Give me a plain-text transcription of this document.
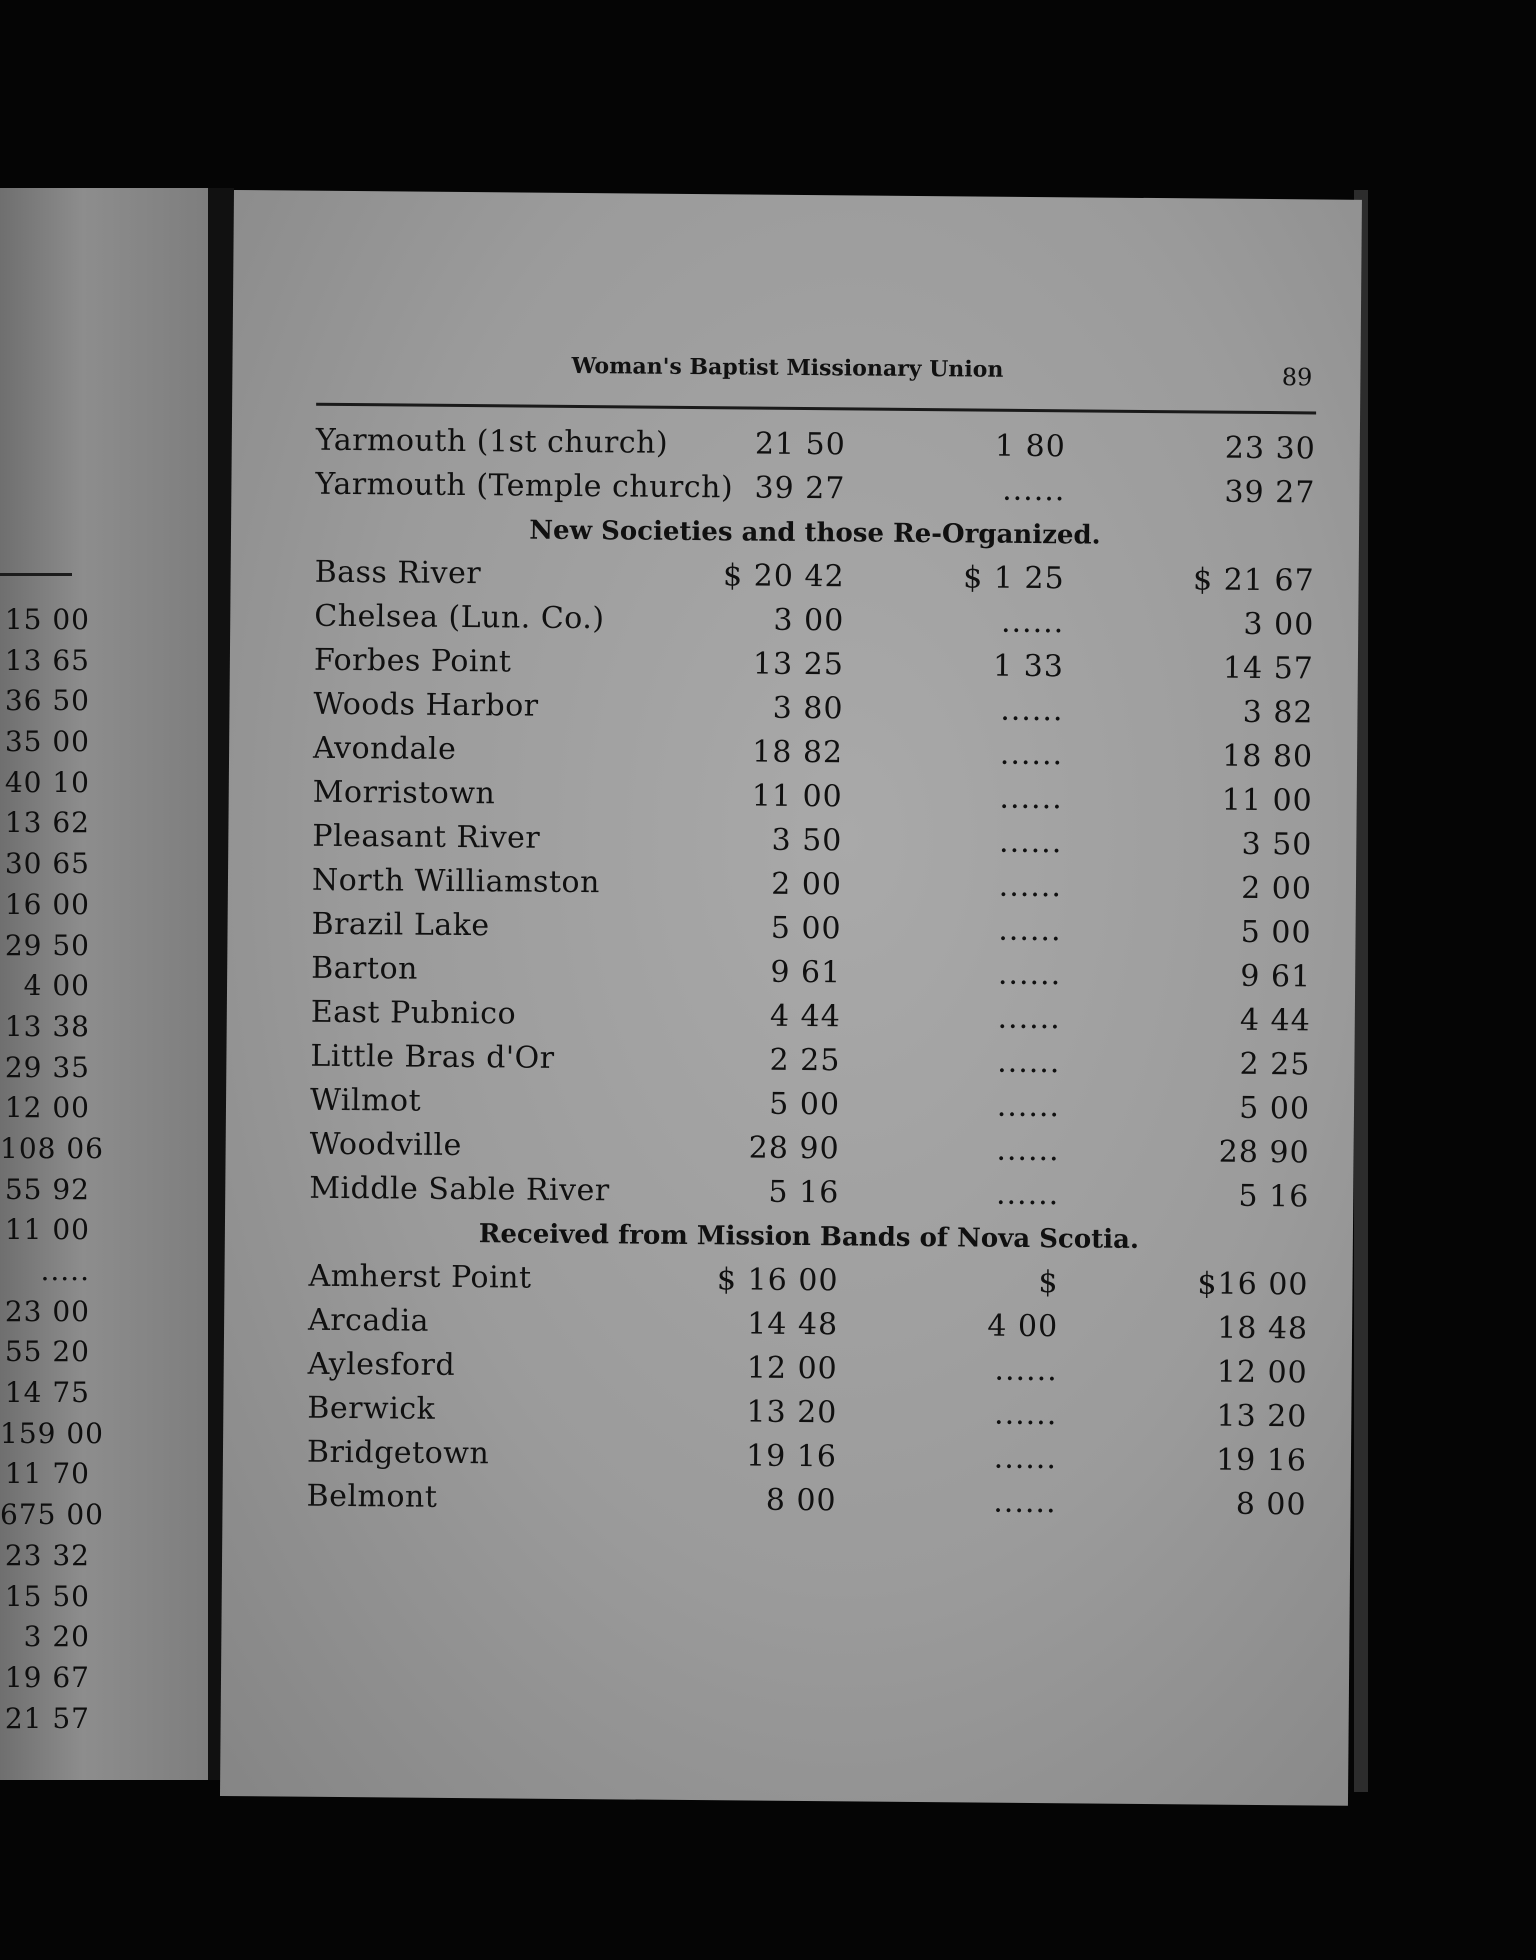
15 00
13 65
36 50
35 00
40 10
13 62
30 65
16 00
29 50
4 00
13 38
29 35
12 00
108 06
55 92
11 00
.....
23 00
55 20
14 75
159 00
11 70
675 00
23 32
15 50
3 20
19 67
21 57
Woman's Baptist Missionary Union	89
Yarmouth (1st church)	21 50	1 80	23 30
Yarmouth (Temple church) 39 27	......	39 27
New Societies and those Re-Organized.
Bass River	$ 20 42	$ 1 25	$ 21 67
Chelsea (Lun. Co.)	3 00	......	3 00
Forbes Point	13 25	1 33	14 57
Woods Harbor	3 80	......	3 82
Avondale	18 82	......	18 80
Morristown	11 00	......	11 00
Pleasant River	3 50	......	3 50
North Williamston	2 00	......	2 00
Brazil Lake	5 00	......	5 00
Barton	9 61	......	9 61
East Pubnico	4 44	......	4 44
Little Bras d'Or	2 25	......	2 25
Wilmot	5 00	......	5 00
Woodville	28 90	......	28 90
Middle Sable River	5 16	......	5 16
Received from Mission Bands of Nova Scotia.
Amherst Point	$ 16 00	$	$16 00
Arcadia	14 48	4 00	18 48
Aylesford	12 00	......	12 00
Berwick	13 20	......	13 20
Bridgetown	19 16	......	19 16
Belmont	8 00	......	8 00
